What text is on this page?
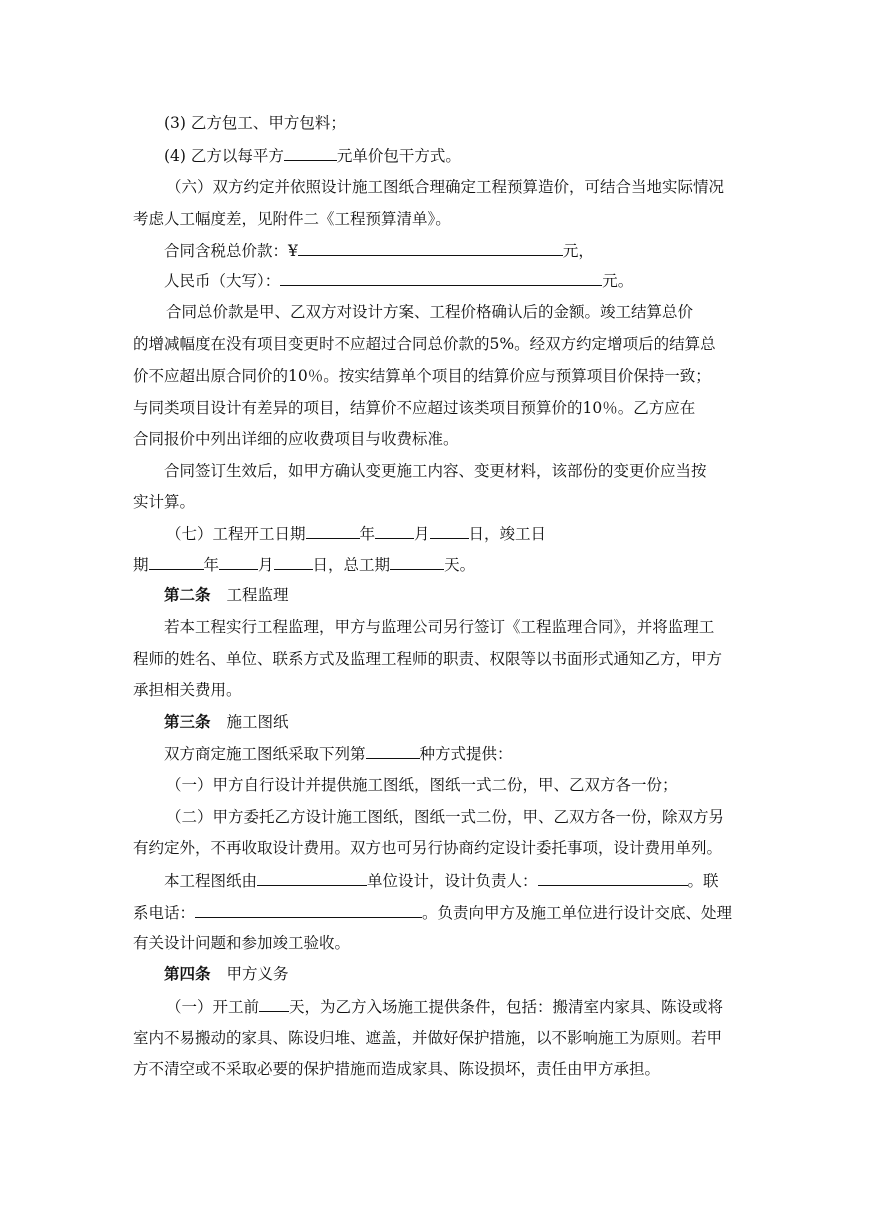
(3) 乙方包工、甲方包料；
(4) 乙方以每平方	元单价包干方式。
（六）双方约定并依照设计施工图纸合理确定工程预算造价，可结合当地实际情况
考虑人工幅度差，见附件二《工程预算清单》。
合同含税总价款：¥	元，
人民币（大写）：	元。
合同总价款是甲、乙双方对设计方案、工程价格确认后的金额。竣工结算总价
的增减幅度在没有项目变更时不应超过合同总价款的5%。经双方约定增项后的结算总
价不应超出原合同价的10％。按实结算单个项目的结算价应与预算项目价保持一致；
与同类项目设计有差异的项目，结算价不应超过该类项目预算价的10％。乙方应在
合同报价中列出详细的应收费项目与收费标准。
合同签订生效后，如甲方确认变更施工内容、变更材料，该部份的变更价应当按
实计算。
（七）工程开工日期	年	月	日，竣工日
期	年	月	日，总工期	天。
第二条 工程监理
若本工程实行工程监理，甲方与监理公司另行签订《工程监理合同》，并将监理工
程师的姓名、单位、联系方式及监理工程师的职责、权限等以书面形式通知乙方，甲方
承担相关费用。
第三条 施工图纸
双方商定施工图纸采取下列第	种方式提供：
（一）甲方自行设计并提供施工图纸，图纸一式二份，甲、乙双方各一份；
（二）甲方委托乙方设计施工图纸，图纸一式二份，甲、乙双方各一份，除双方另
有约定外，不再收取设计费用。双方也可另行协商约定设计委托事项，设计费用单列。
本工程图纸由	单位设计，设计负责人：	。联
系电话：	。负责向甲方及施工单位进行设计交底、处理
有关设计问题和参加竣工验收。
第四条 甲方义务
（一）开工前 天，为乙方入场施工提供条件，包括：搬清室内家具、陈设或将
室内不易搬动的家具、陈设归堆、遮盖，并做好保护措施，以不影响施工为原则。若甲
方不清空或不采取必要的保护措施而造成家具、陈设损坏，责任由甲方承担。
